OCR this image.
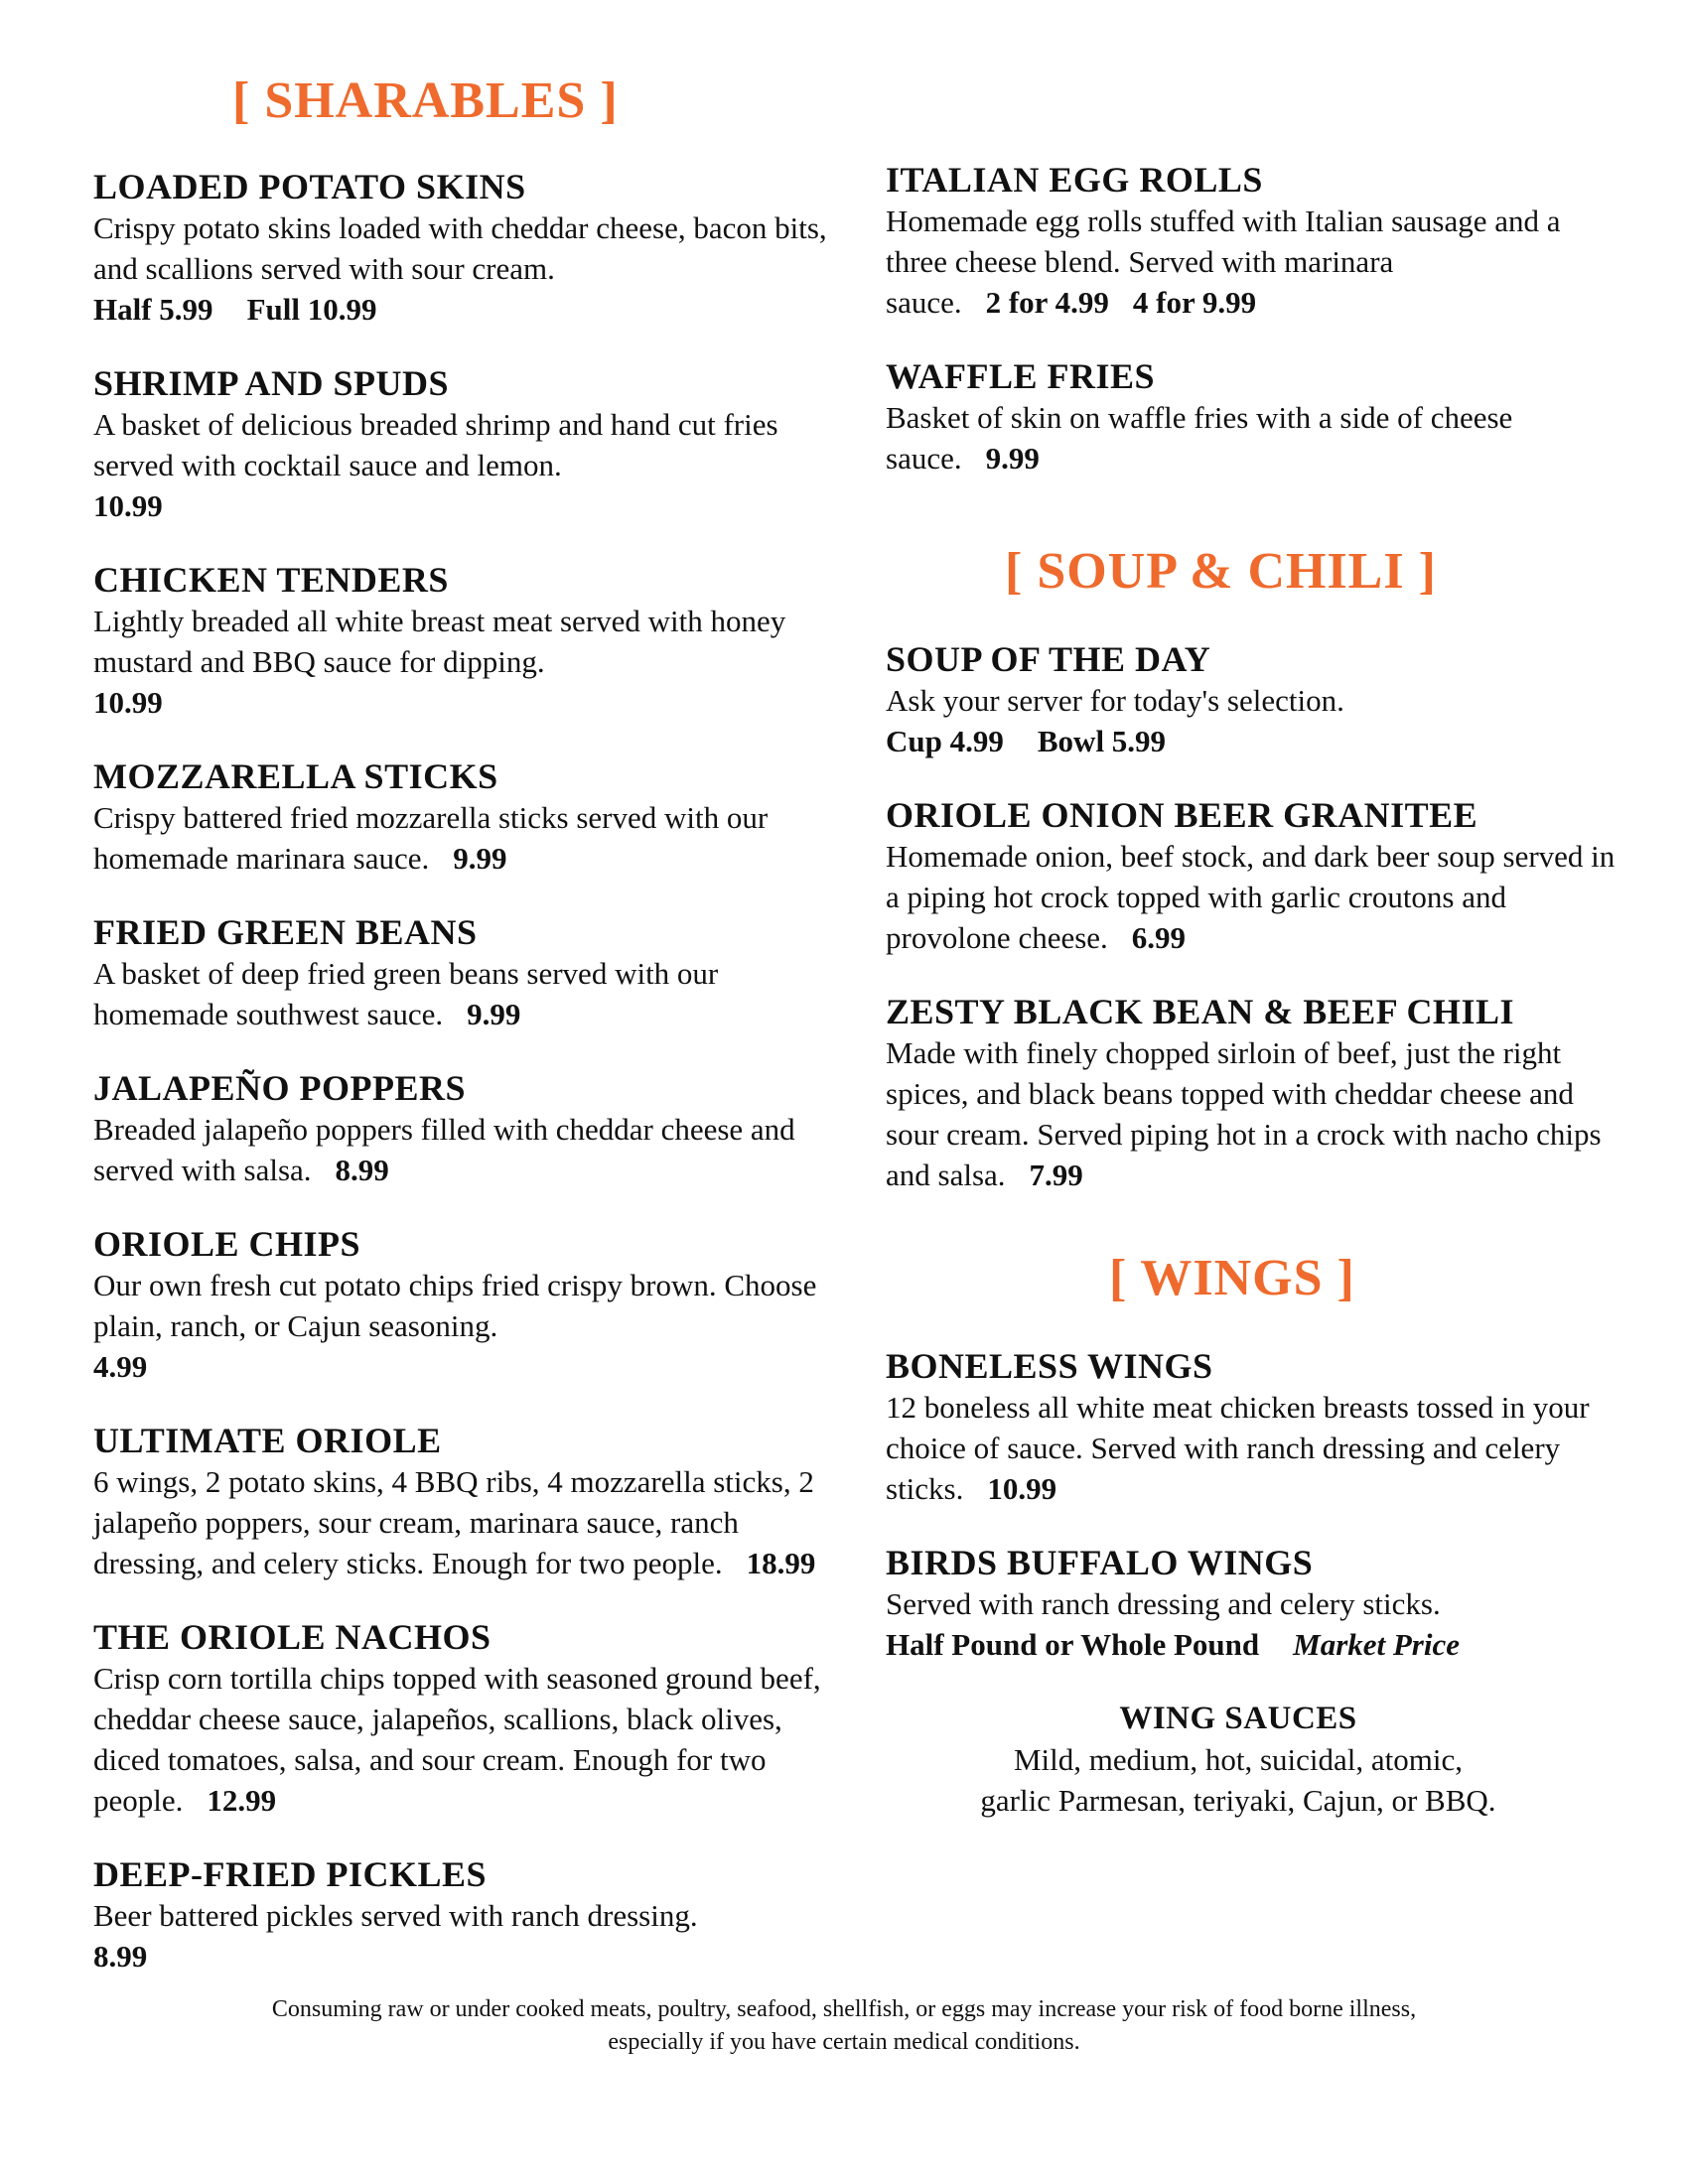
[ SHARABLES ]
LOADED POTATO SKINS
Crispy potato skins loaded with cheddar cheese, bacon bits, and scallions served with sour cream.
Half 5.99 Full 10.99
SHRIMP AND SPUDS
A basket of delicious breaded shrimp and hand cut fries served with cocktail sauce and lemon.
10.99
CHICKEN TENDERS
Lightly breaded all white breast meat served with honey mustard and BBQ sauce for dipping.
10.99
MOZZARELLA STICKS
Crispy battered fried mozzarella sticks served with our homemade marinara sauce. 9.99
FRIED GREEN BEANS
A basket of deep fried green beans served with our homemade southwest sauce. 9.99
JALAPEÑO POPPERS
Breaded jalapeño poppers filled with cheddar cheese and served with salsa. 8.99
ORIOLE CHIPS
Our own fresh cut potato chips fried crispy brown. Choose plain, ranch, or Cajun seasoning.
4.99
ULTIMATE ORIOLE
6 wings, 2 potato skins, 4 BBQ ribs, 4 mozzarella sticks, 2 jalapeño poppers, sour cream, marinara sauce, ranch dressing, and celery sticks. Enough for two people. 18.99
THE ORIOLE NACHOS
Crisp corn tortilla chips topped with seasoned ground beef, cheddar cheese sauce, jalapeños, scallions, black olives, diced tomatoes, salsa, and sour cream. Enough for two people. 12.99
DEEP-FRIED PICKLES
Beer battered pickles served with ranch dressing.
8.99
ITALIAN EGG ROLLS
Homemade egg rolls stuffed with Italian sausage and a three cheese blend. Served with marinara sauce. 2 for 4.99 4 for 9.99
WAFFLE FRIES
Basket of skin on waffle fries with a side of cheese sauce. 9.99
[ SOUP & CHILI ]
SOUP OF THE DAY
Ask your server for today's selection.
Cup 4.99 Bowl 5.99
ORIOLE ONION BEER GRANITEE
Homemade onion, beef stock, and dark beer soup served in a piping hot crock topped with garlic croutons and provolone cheese. 6.99
ZESTY BLACK BEAN & BEEF CHILI
Made with finely chopped sirloin of beef, just the right spices, and black beans topped with cheddar cheese and sour cream. Served piping hot in a crock with nacho chips and salsa. 7.99
[ WINGS ]
BONELESS WINGS
12 boneless all white meat chicken breasts tossed in your choice of sauce. Served with ranch dressing and celery sticks. 10.99
BIRDS BUFFALO WINGS
Served with ranch dressing and celery sticks.
Half Pound or Whole Pound Market Price
WING SAUCES
Mild, medium, hot, suicidal, atomic,
garlic Parmesan, teriyaki, Cajun, or BBQ.
Consuming raw or under cooked meats, poultry, seafood, shellfish, or eggs may increase your risk of food borne illness,
especially if you have certain medical conditions.
